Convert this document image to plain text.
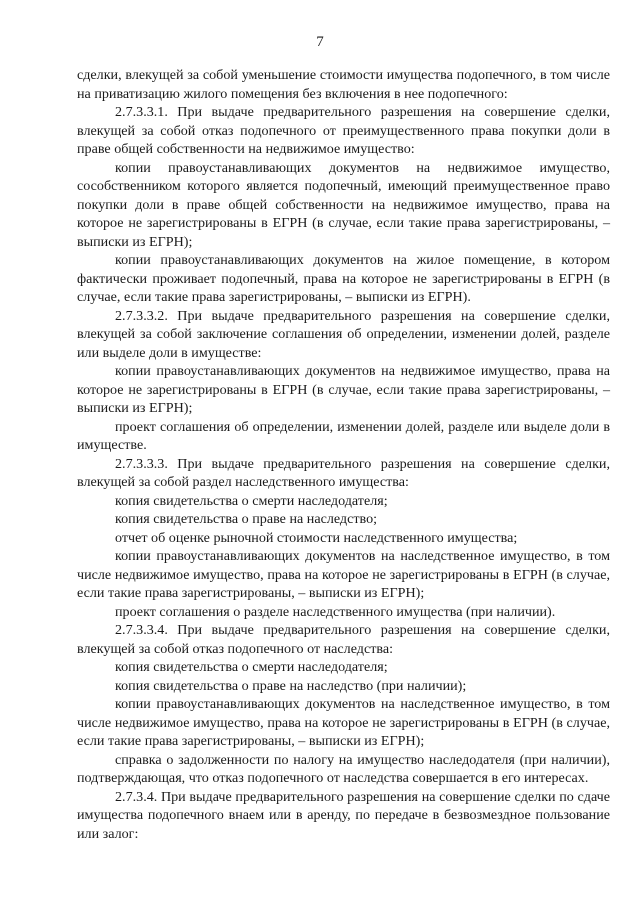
7

сделки, влекущей за собой уменьшение стоимости имущества подопечного, в том числе на приватизацию жилого помещения без включения в нее подопечного:

2.7.3.3.1. При выдаче предварительного разрешения на совершение сделки, влекущей за собой отказ подопечного от преимущественного права покупки доли в праве общей собственности на недвижимое имущество:

копии правоустанавливающих документов на недвижимое имущество, сособственником которого является подопечный, имеющий преимущественное право покупки доли в праве общей собственности на недвижимое имущество, права на которое не зарегистрированы в ЕГРН (в случае, если такие права зарегистрированы, – выписки из ЕГРН);

копии правоустанавливающих документов на жилое помещение, в котором фактически проживает подопечный, права на которое не зарегистрированы в ЕГРН (в случае, если такие права зарегистрированы, – выписки из ЕГРН).

2.7.3.3.2. При выдаче предварительного разрешения на совершение сделки, влекущей за собой заключение соглашения об определении, изменении долей, разделе или выделе доли в имуществе:

копии правоустанавливающих документов на недвижимое имущество, права на которое не зарегистрированы в ЕГРН (в случае, если такие права зарегистрированы, – выписки из ЕГРН);

проект соглашения об определении, изменении долей, разделе или выделе доли в имуществе.

2.7.3.3.3. При выдаче предварительного разрешения на совершение сделки, влекущей за собой раздел наследственного имущества:

копия свидетельства о смерти наследодателя;

копия свидетельства о праве на наследство;

отчет об оценке рыночной стоимости наследственного имущества;

копии правоустанавливающих документов на наследственное имущество, в том числе недвижимое имущество, права на которое не зарегистрированы в ЕГРН (в случае, если такие права зарегистрированы, – выписки из ЕГРН);

проект соглашения о разделе наследственного имущества (при наличии).

2.7.3.3.4. При выдаче предварительного разрешения на совершение сделки, влекущей за собой отказ подопечного от наследства:

копия свидетельства о смерти наследодателя;

копия свидетельства о праве на наследство (при наличии);

копии правоустанавливающих документов на наследственное имущество, в том числе недвижимое имущество, права на которое не зарегистрированы в ЕГРН (в случае, если такие права зарегистрированы, – выписки из ЕГРН);

справка о задолженности по налогу на имущество наследодателя (при наличии), подтверждающая, что отказ подопечного от наследства совершается в его интересах.

2.7.3.4. При выдаче предварительного разрешения на совершение сделки по сдаче имущества подопечного внаем или в аренду, по передаче в безвозмездное пользование или залог:
